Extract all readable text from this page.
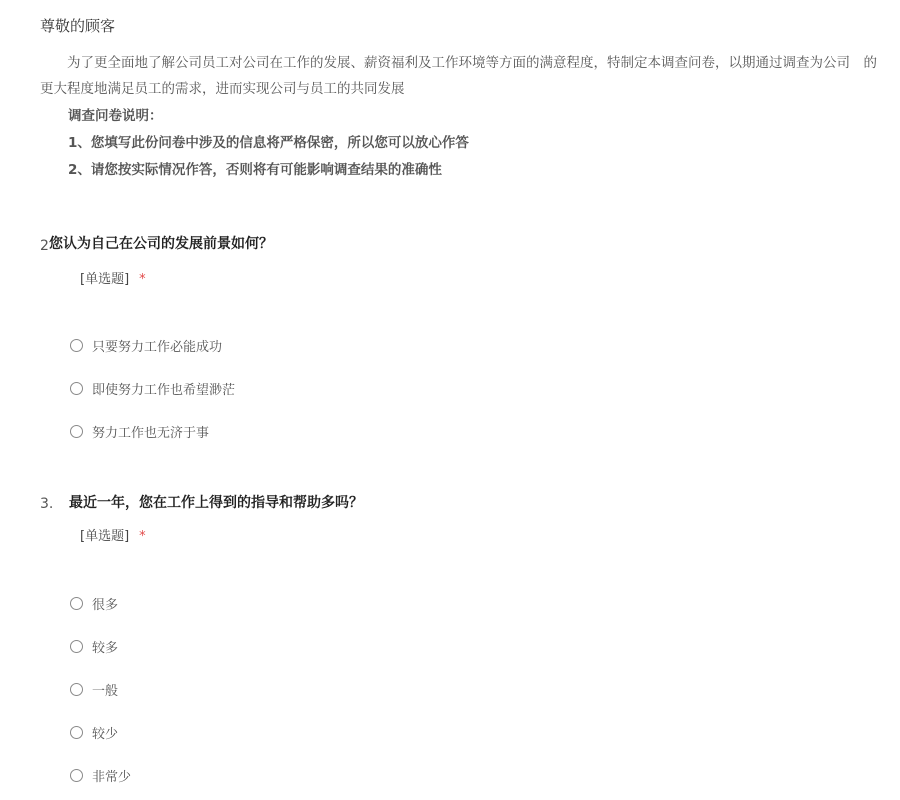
尊敬的顾客
为了更全面地了解公司员工对公司在工作的发展、薪资福利及工作环境等方面的满意程度，特制定本调查问卷，以期通过调查为公司　的
更大程度地满足员工的需求，进而实现公司与员工的共同发展
调查问卷说明：
1、您填写此份问卷中涉及的信息将严格保密，所以您可以放心作答
2、请您按实际情况作答，否则将有可能影响调查结果的准确性
2 您认为自己在公司的发展前景如何？
[单选题] *
只要努力工作必能成功
即使努力工作也希望渺茫
努力工作也无济于事
3. 最近一年，您在工作上得到的指导和帮助多吗？
[单选题] *
很多
较多
一般
较少
非常少
